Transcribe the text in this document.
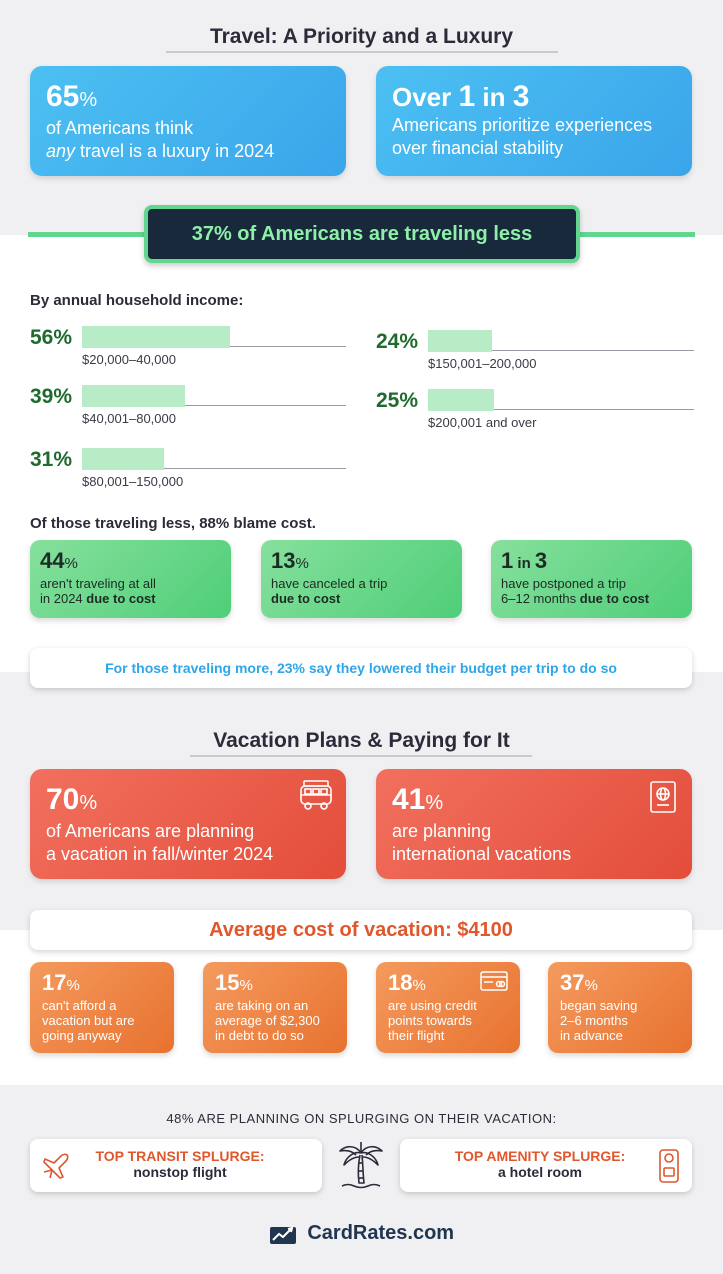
Travel: A Priority and a Luxury
65%
of Americans think
any travel is a luxury in 2024
Over 1 in 3
Americans prioritize experiences
over financial stability
37% of Americans are traveling less
By annual household income:
56%
$20,000–40,000
39%
$40,001–80,000
31%
$80,001–150,000
24%
$150,001–200,000
25%
$200,001 and over
Of those traveling less, 88% blame cost.
44%
aren't traveling at all
in 2024 due to cost
13%
have canceled a trip
due to cost
1 in 3
have postponed a trip
6–12 months due to cost
For those traveling more, 23% say they lowered their budget per trip to do so
Vacation Plans & Paying for It
70%
of Americans are planning
a vacation in fall/winter 2024
41%
are planning
international vacations
Average cost of vacation: $4100
17%
can't afford a
vacation but are
going anyway
15%
are taking on an
average of $2,300
in debt to do so
18%
are using credit
points towards
their flight
37%
began saving
2–6 months
in advance
48% ARE PLANNING ON SPLURGING ON THEIR VACATION:
TOP TRANSIT SPLURGE:
nonstop flight
TOP AMENITY SPLURGE:
a hotel room
CardRates.com
